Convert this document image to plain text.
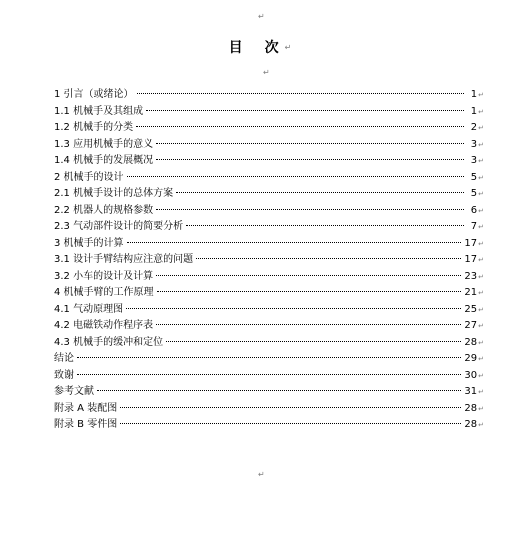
↵
目 次 ↵
↵
1 引言（或绪论）	1 ↵
1.1 机械手及其组成	1 ↵
1.2 机械手的分类	2 ↵
1.3 应用机械手的意义	3 ↵
1.4 机械手的发展概况	3 ↵
2 机械手的设计	5 ↵
2.1 机械手设计的总体方案	5 ↵
2.2 机器人的规格参数	6 ↵
2.3 气动部件设计的简要分析	7 ↵
3 机械手的计算	17 ↵
3.1 设计手臂结构应注意的问题	17 ↵
3.2 小车的设计及计算	23 ↵
4 机械手臂的工作原理	21 ↵
4.1 气动原理图	25 ↵
4.2 电磁铁动作程序表	27 ↵
4.3 机械手的缓冲和定位	28 ↵
结论	29 ↵
致谢	30 ↵
参考文献	31 ↵
附录 A 装配图	28 ↵
附录 B 零件图	28 ↵
↵
